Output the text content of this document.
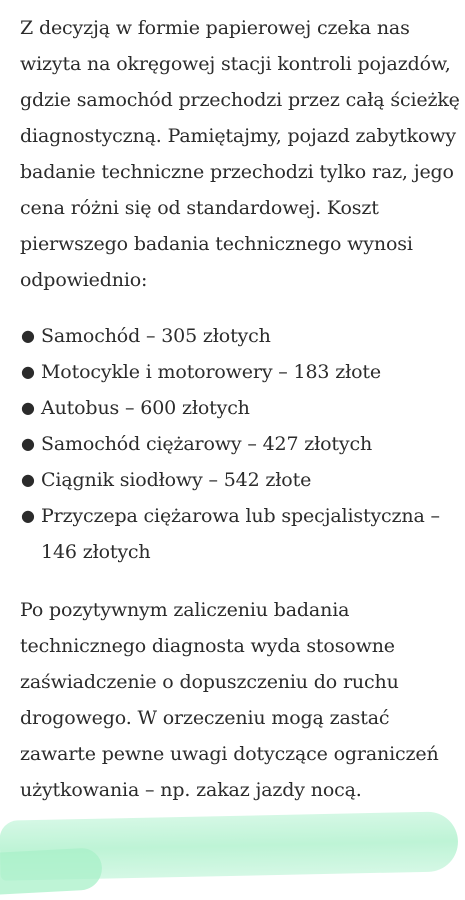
Z decyzją w formie papierowej czeka nas wizyta na okręgowej stacji kontroli pojazdów, gdzie samochód przechodzi przez całą ścieżkę diagnostyczną. Pamiętajmy, pojazd zabytkowy badanie techniczne przechodzi tylko raz, jego cena różni się od standardowej. Koszt pierwszego badania technicznego wynosi odpowiednio:

● Samochód – 305 złotych
● Motocykle i motorowery – 183 złote
● Autobus – 600 złotych
● Samochód ciężarowy – 427 złotych
● Ciągnik siodłowy – 542 złote
● Przyczepa ciężarowa lub specjalistyczna – 146 złotych

Po pozytywnym zaliczeniu badania technicznego diagnosta wyda stosowne zaświadczenie o dopuszczeniu do ruchu drogowego. W orzeczeniu mogą zastać zawarte pewne uwagi dotyczące ograniczeń użytkowania – np. zakaz jazdy nocą.
